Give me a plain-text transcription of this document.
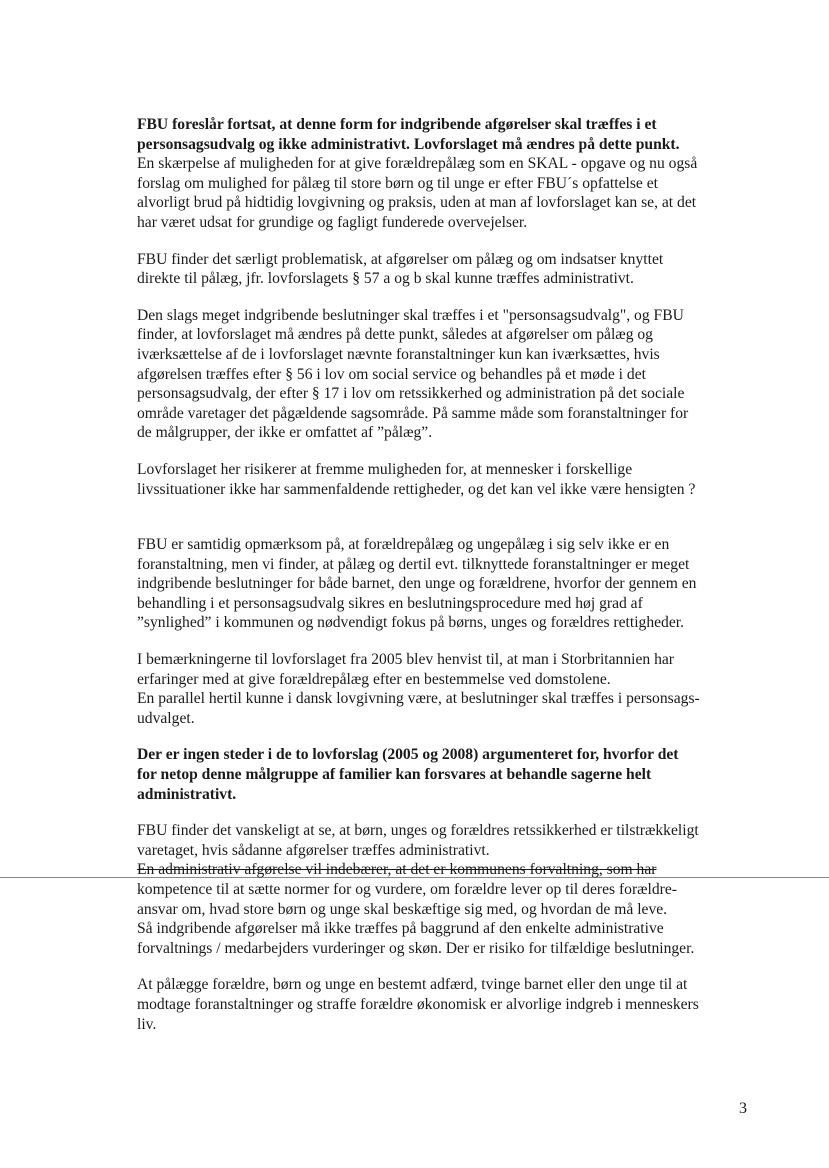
FBU foreslår fortsat, at denne form for indgribende afgørelser skal træffes i et
personsagsudvalg og ikke administrativt. Lovforslaget må ændres på dette punkt.
En skærpelse af muligheden for at give forældrepålæg som en SKAL - opgave og nu også
forslag om mulighed for pålæg til store børn og til unge er efter FBU´s opfattelse et
alvorligt brud på hidtidig lovgivning og praksis, uden at man af lovforslaget kan se, at det
har været udsat for grundige og fagligt funderede overvejelser.
FBU finder det særligt problematisk, at afgørelser om pålæg og om indsatser knyttet
direkte til pålæg, jfr. lovforslagets § 57 a og b skal kunne træffes administrativt.
Den slags meget indgribende beslutninger skal træffes i et "personsagsudvalg", og FBU
finder, at lovforslaget må ændres på dette punkt, således at afgørelser om pålæg og
iværksættelse af de i lovforslaget nævnte foranstaltninger kun kan iværksættes, hvis
afgørelsen træffes efter § 56 i lov om social service og behandles på et møde i det
personsagsudvalg, der efter § 17 i lov om retssikkerhed og administration på det sociale
område varetager det pågældende sagsområde. På samme måde som foranstaltninger for
de målgrupper, der ikke er omfattet af ”pålæg”.
Lovforslaget her risikerer at fremme muligheden for, at mennesker i forskellige
livssituationer ikke har sammenfaldende rettigheder, og det kan vel ikke være hensigten ?
FBU er samtidig opmærksom på, at forældrepålæg og ungepålæg i sig selv ikke er en
foranstaltning, men vi finder, at pålæg og dertil evt. tilknyttede foranstaltninger er meget
indgribende beslutninger for både barnet, den unge og forældrene, hvorfor der gennem en
behandling i et personsagsudvalg sikres en beslutningsprocedure med høj grad af
”synlighed” i kommunen og nødvendigt fokus på børns, unges og forældres rettigheder.
I bemærkningerne til lovforslaget fra 2005 blev henvist til, at man i Storbritannien har
erfaringer med at give forældrepålæg efter en bestemmelse ved domstolene.
En parallel hertil kunne i dansk lovgivning være, at beslutninger skal træffes i personsags-
udvalget.
Der er ingen steder i de to lovforslag (2005 og 2008) argumenteret for, hvorfor det
for netop denne målgruppe af familier kan forsvares at behandle sagerne helt
administrativt.
FBU finder det vanskeligt at se, at børn, unges og forældres retssikkerhed er tilstrækkeligt
varetaget, hvis sådanne afgørelser træffes administrativt.
En administrativ afgørelse vil indebærer, at det er kommunens forvaltning, som har
kompetence til at sætte normer for og vurdere, om forældre lever op til deres forældre-
ansvar om, hvad store børn og unge skal beskæftige sig med, og hvordan de må leve.
Så indgribende afgørelser må ikke træffes på baggrund af den enkelte administrative
forvaltnings / medarbejders vurderinger og skøn. Der er risiko for tilfældige beslutninger.
At pålægge forældre, børn og unge en bestemt adfærd, tvinge barnet eller den unge til at
modtage foranstaltninger og straffe forældre økonomisk er alvorlige indgreb i menneskers
liv.
3
